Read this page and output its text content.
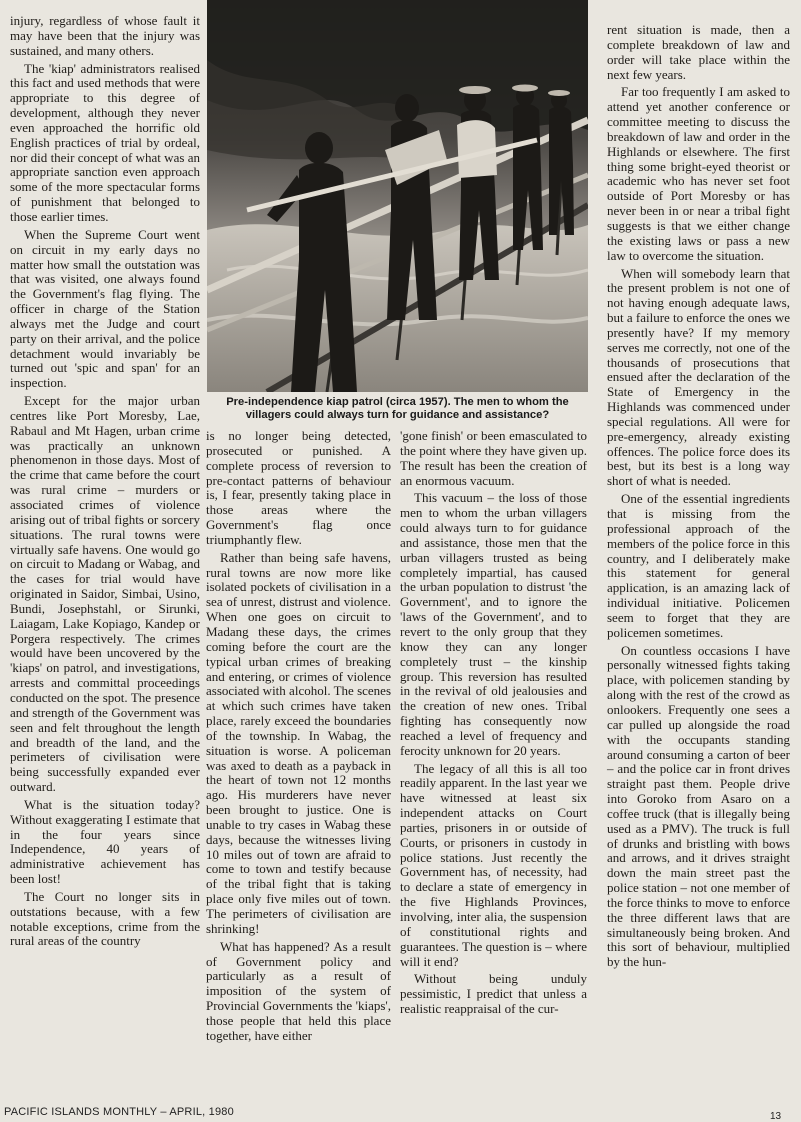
Pre-independence kiap patrol (circa 1957). The men to whom the villagers could always turn for guidance and assistance?

injury, regardless of whose fault it may have been that the injury was sustained, and many others.

The 'kiap' administrators realised this fact and used methods that were appropriate to this degree of development, although they never even approached the horrific old English practices of trial by ordeal, nor did their concept of what was an appropriate sanction even approach some of the more spectacular forms of punishment that belonged to those earlier times.

When the Supreme Court went on circuit in my early days no matter how small the outstation was that was visited, one always found the Government's flag flying. The officer in charge of the Station always met the Judge and court party on their arrival, and the police detachment would invariably be turned out 'spic and span' for an inspection.

Except for the major urban centres like Port Moresby, Lae, Rabaul and Mt Hagen, urban crime was practically an unknown phenomenon in those days. Most of the crime that came before the court was rural crime – murders or associated crimes of violence arising out of tribal fights or sorcery situations. The rural towns were virtually safe havens. One would go on circuit to Madang or Wabag, and the cases for trial would have originated in Saidor, Simbai, Usino, Bundi, Josephstahl, or Sirunki, Laiagam, Lake Kopiago, Kandep or Porgera respectively. The crimes would have been uncovered by the 'kiaps' on patrol, and investigations, arrests and committal proceedings conducted on the spot. The presence and strength of the Government was seen and felt throughout the length and breadth of the land, and the perimeters of civilisation were being successfully expanded ever outward.

What is the situation today? Without exaggerating I estimate that in the four years since Independence, 40 years of administrative achievement has been lost!

The Court no longer sits in outstations because, with a few notable exceptions, crime from the rural areas of the country

is no longer being detected, prosecuted or punished. A complete process of reversion to pre-contact patterns of behaviour is, I fear, presently taking place in those areas where the Government's flag once triumphantly flew.

Rather than being safe havens, rural towns are now more like isolated pockets of civilisation in a sea of unrest, distrust and violence. When one goes on circuit to Madang these days, the crimes coming before the court are the typical urban crimes of breaking and entering, or crimes of violence associated with alcohol. The scenes at which such crimes have taken place, rarely exceed the boundaries of the township. In Wabag, the situation is worse. A policeman was axed to death as a payback in the heart of town not 12 months ago. His murderers have never been brought to justice. One is unable to try cases in Wabag these days, because the witnesses living 10 miles out of town are afraid to come to town and testify because of the tribal fight that is taking place only five miles out of town. The perimeters of civilisation are shrinking!

What has happened? As a result of Government policy and particularly as a result of imposition of the system of Provincial Governments the 'kiaps', those people that held this place together, have either

'gone finish' or been emasculated to the point where they have given up. The result has been the creation of an enormous vacuum.

This vacuum – the loss of those men to whom the urban villagers could always turn to for guidance and assistance, those men that the urban villagers trusted as being completely impartial, has caused the urban population to distrust 'the Government', and to ignore the 'laws of the Government', and to revert to the only group that they know they can any longer completely trust – the kinship group. This reversion has resulted in the revival of old jealousies and the creation of new ones. Tribal fighting has consequently now reached a level of frequency and ferocity unknown for 20 years.

The legacy of all this is all too readily apparent. In the last year we have witnessed at least six independent attacks on Court parties, prisoners in or outside of Courts, or prisoners in custody in police stations. Just recently the Government has, of necessity, had to declare a state of emergency in the five Highlands Provinces, involving, inter alia, the suspension of constitutional rights and guarantees. The question is – where will it end?

Without being unduly pessimistic, I predict that unless a realistic reappraisal of the cur-

rent situation is made, then a complete breakdown of law and order will take place within the next few years.

Far too frequently I am asked to attend yet another conference or committee meeting to discuss the breakdown of law and order in the Highlands or elsewhere. The first thing some bright-eyed theorist or academic who has never set foot outside of Port Moresby or has never been in or near a tribal fight suggests is that we either change the existing laws or pass a new law to overcome the situation.

When will somebody learn that the present problem is not one of not having enough adequate laws, but a failure to enforce the ones we presently have? If my memory serves me correctly, not one of the thousands of prosecutions that ensued after the declaration of the State of Emergency in the Highlands was commenced under special regulations. All were for pre-emergency, already existing offences. The police force does its best, but its best is a long way short of what is needed.

One of the essential ingredients that is missing from the professional approach of the members of the police force in this country, and I deliberately make this statement for general application, is an amazing lack of individual initiative. Policemen seem to forget that they are policemen sometimes.

On countless occasions I have personally witnessed fights taking place, with policemen standing by along with the rest of the crowd as onlookers. Frequently one sees a car pulled up alongside the road with the occupants standing around consuming a carton of beer – and the police car in front drives straight past them. People drive into Goroko from Asaro on a coffee truck (that is illegally being used as a PMV). The truck is full of drunks and bristling with bows and arrows, and it drives straight down the main street past the police station – not one member of the force thinks to move to enforce the three different laws that are simultaneously being broken. And this sort of behaviour, multiplied by the hun-

PACIFIC ISLANDS MONTHLY – APRIL, 1980	13
